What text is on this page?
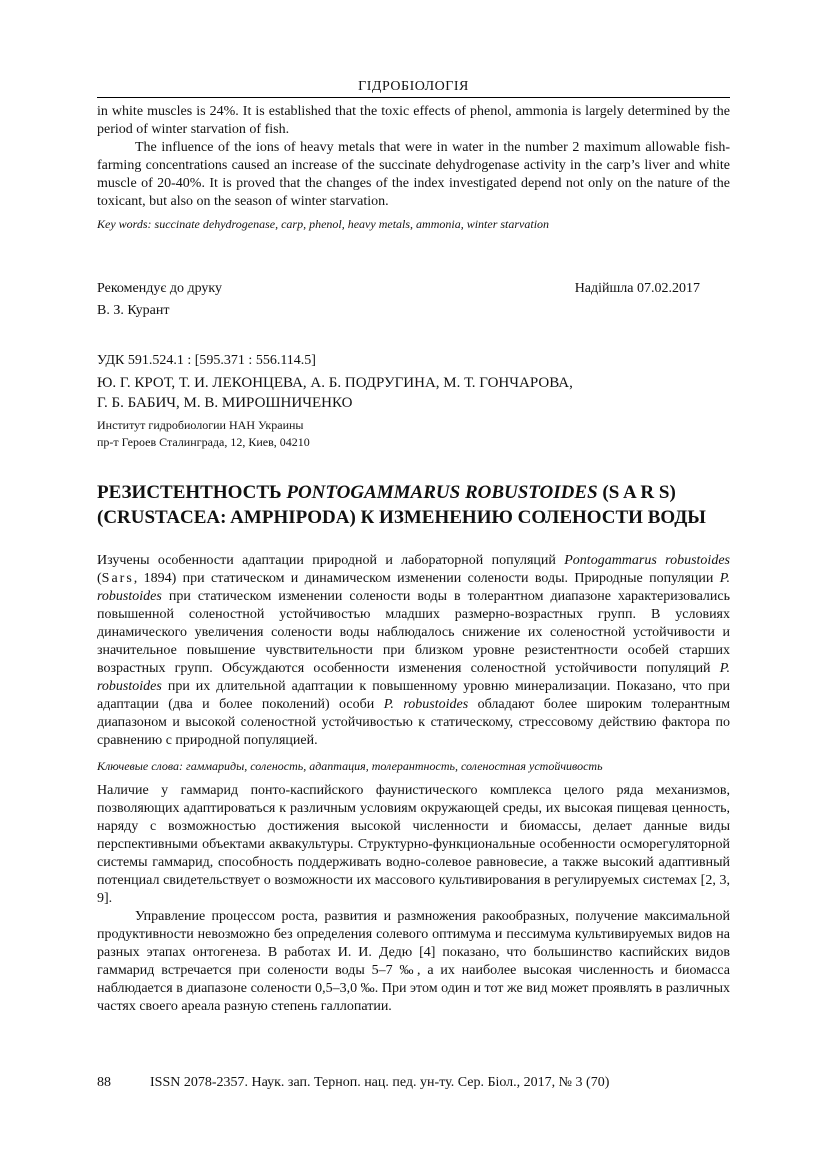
ГІДРОБІОЛОГІЯ

in white muscles is 24%. It is established that the toxic effects of phenol, ammonia is largely determined by the period of winter starvation of fish.

The influence of the ions of heavy metals that were in water in the number 2 maximum allowable fish-farming concentrations caused an increase of the succinate dehydrogenase activity in the carp’s liver and white muscle of 20-40%. It is proved that the changes of the index investigated depend not only on the nature of the toxicant, but also on the season of winter starvation.

Key words: succinate dehydrogenase, carp, phenol, heavy metals, ammonia, winter starvation

Рекомендує до друку
В. З. Курант
Надійшла 07.02.2017

УДК 591.524.1 : [595.371 : 556.114.5]

Ю. Г. КРОТ, Т. И. ЛЕКОНЦЕВА, А. Б. ПОДРУГИНА, М. Т. ГОНЧАРОВА,
Г. Б. БАБИЧ, М. В. МИРОШНИЧЕНКО
Институт гидробиологии НАН Украины
пр-т Героев Сталинграда, 12, Киев, 04210
РЕЗИСТЕНТНОСТЬ PONTOGAMMARUS ROBUSTOIDES (S A R S)
(CRUSTACEA: AMPHIPODA) К ИЗМЕНЕНИЮ СОЛЕНОСТИ ВОДЫ

Изучены особенности адаптации природной и лабораторной популяций Pontogammarus robustoides (Sars, 1894) при статическом и динамическом изменении солености воды. Природные популяции P. robustoides при статическом изменении солености воды в толерантном диапазоне характеризовались повышенной соленостной устойчивостью младших размерно-возрастных групп. В условиях динамического увеличения солености воды наблюдалось снижение их соленостной устойчивости и значительное повышение чувствительности при близком уровне резистентности особей старших возрастных групп. Обсуждаются особенности изменения соленостной устойчивости популяций P. robustoides при их длительной адаптации к повышенному уровню минерализации. Показано, что при адаптации (два и более поколений) особи P. robustoides обладают более широким толерантным диапазоном и высокой соленостной устойчивостью к статическому, стрессовому действию фактора по сравнению с природной популяцией.

Ключевые слова: гаммариды, соленость, адаптация, толерантность, соленостная устойчивость

Наличие у гаммарид понто-каспийского фаунистического комплекса целого ряда механизмов, позволяющих адаптироваться к различным условиям окружающей среды, их высокая пищевая ценность, наряду с возможностью достижения высокой численности и биомассы, делает данные виды перспективными объектами аквакультуры. Структурно-функциональные особенности осморегуляторной системы гаммарид, способность поддерживать водно-солевое равновесие, а также высокий адаптивный потенциал свидетельствует о возможности их массового культивирования в регулируемых системах [2, 3, 9].

Управление процессом роста, развития и размножения ракообразных, получение максимальной продуктивности невозможно без определения солевого оптимума и пессимума культивируемых видов на разных этапах онтогенеза. В работах И. И. Дедю [4] показано, что большинство каспийских видов гаммарид встречается при солености воды 5–7 ‰, а их наиболее высокая численность и биомасса наблюдается в диапазоне солености 0,5–3,0 ‰. При этом один и тот же вид может проявлять в различных частях своего ареала разную степень галлопатии.

88	ISSN 2078-2357. Наук. зап. Терноп. нац. пед. ун-ту. Сер. Біол., 2017, № 3 (70)
